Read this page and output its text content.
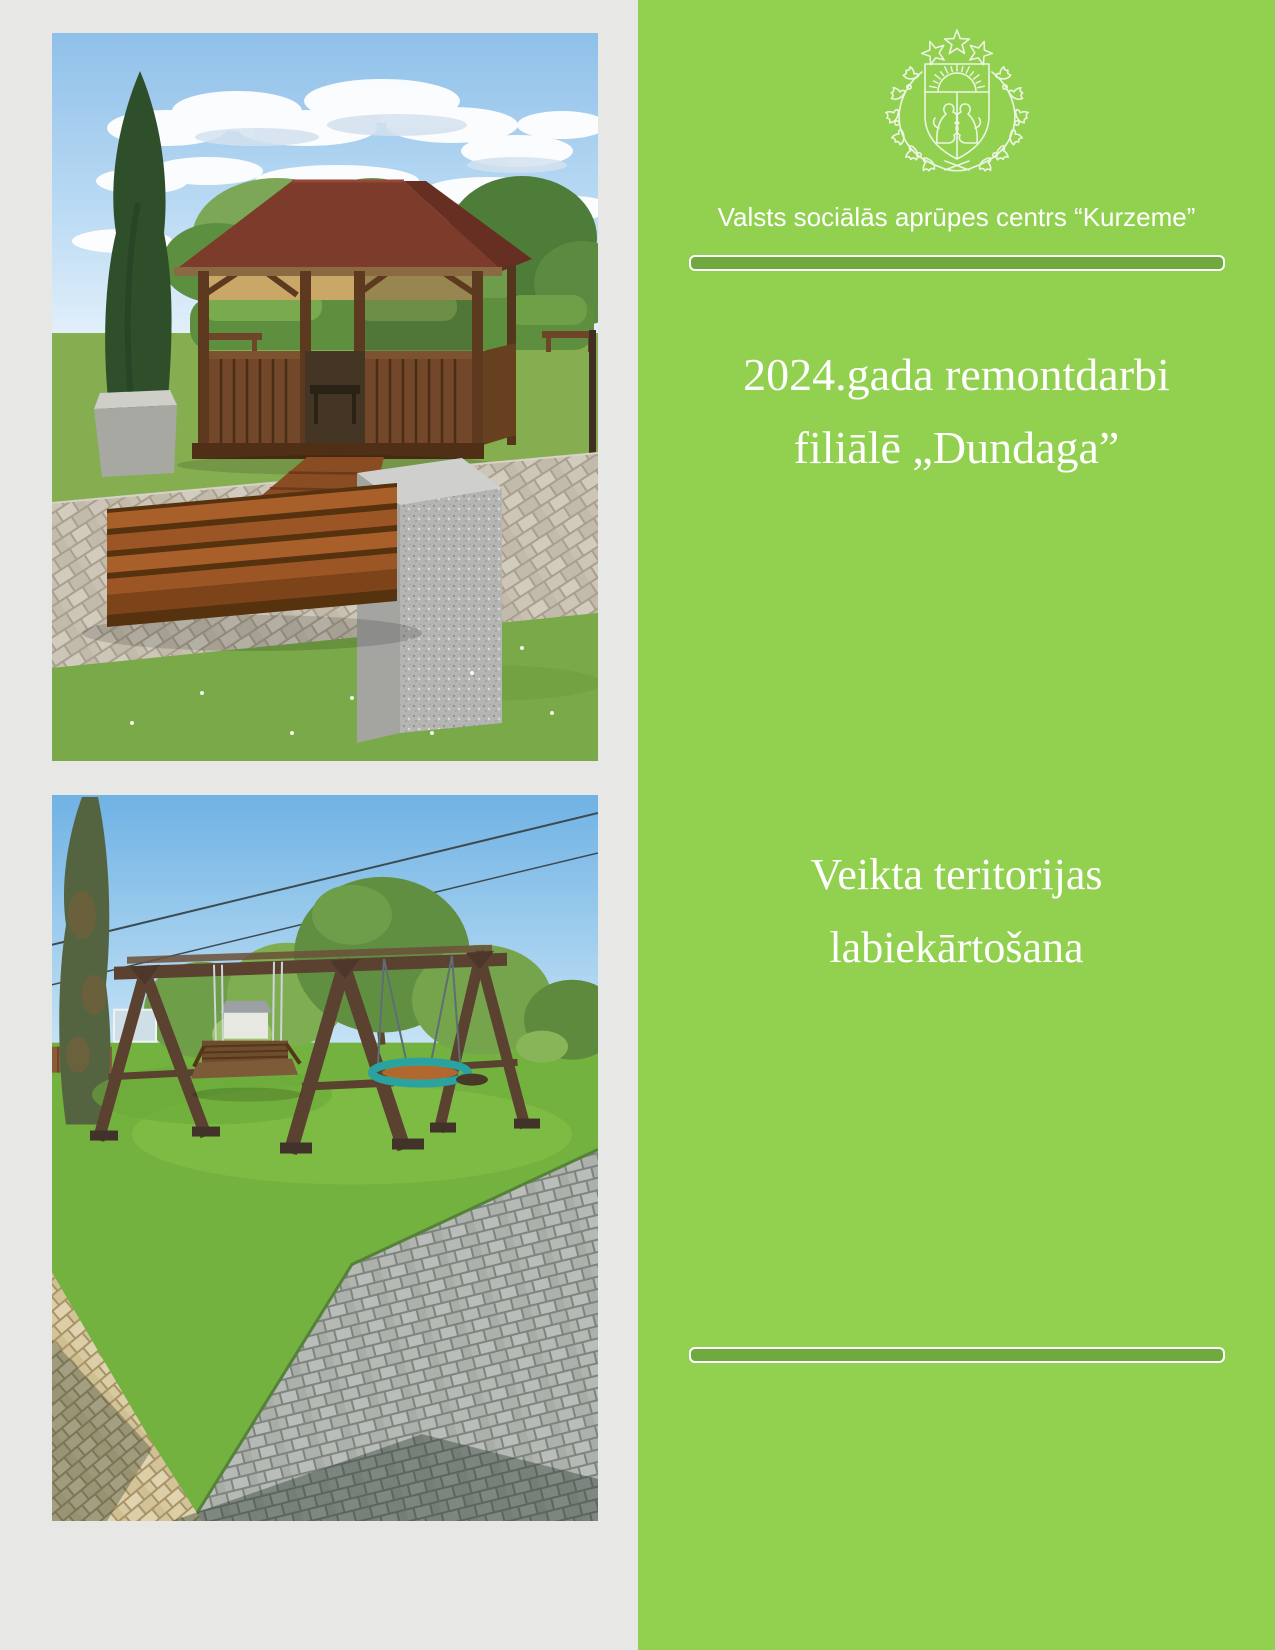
Valsts sociālās aprūpes centrs “Kurzeme”
2024.gada remontdarbi
filiālē „Dundaga”
Veikta teritorijas
labiekārtošana
